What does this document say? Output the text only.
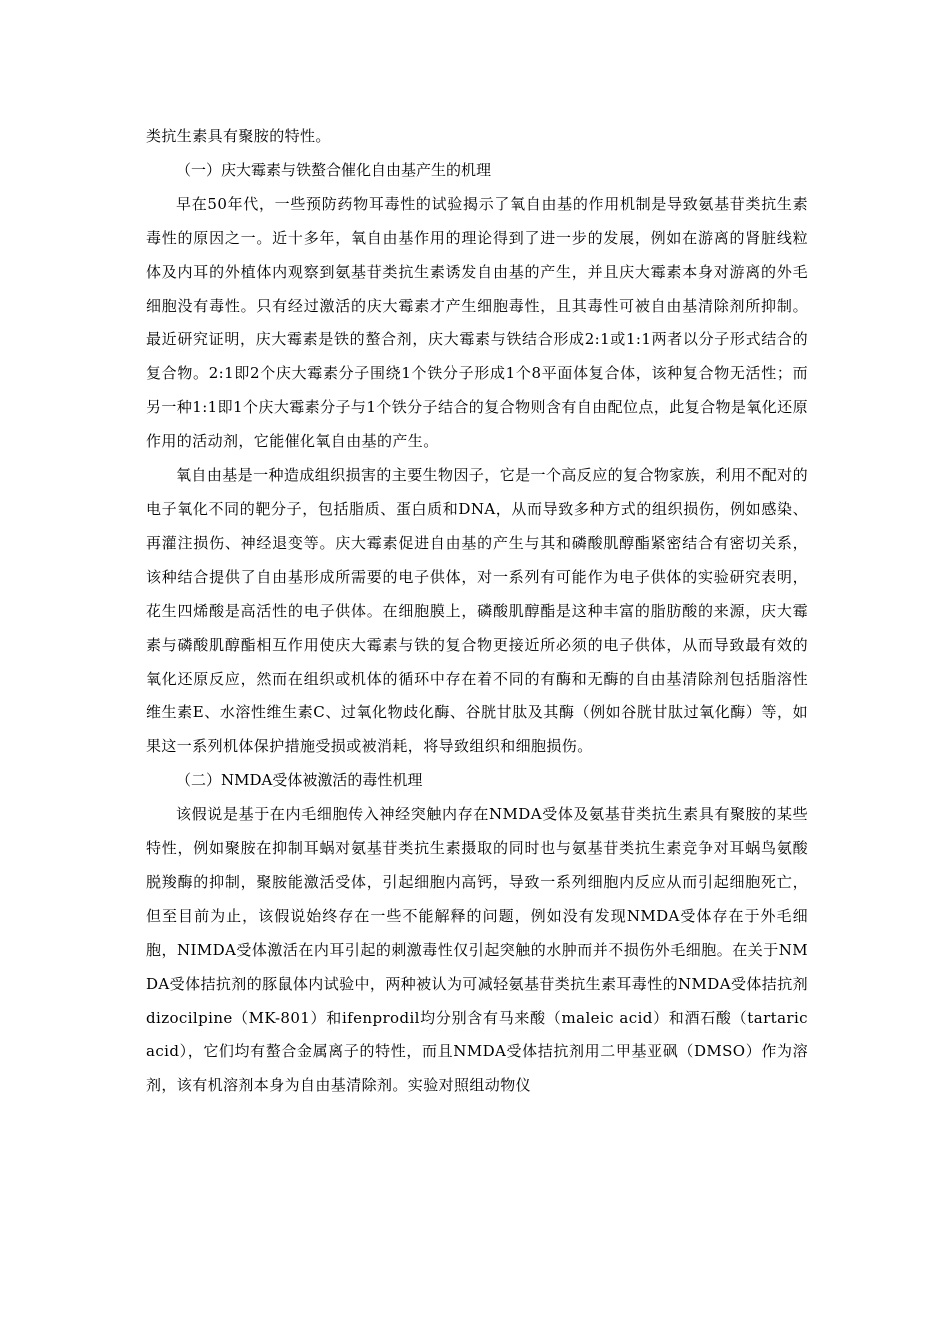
类抗生素具有聚胺的特性。

（一）庆大霉素与铁螯合催化自由基产生的机理

早在50年代，一些预防药物耳毒性的试验揭示了氧自由基的作用机制是导致氨基苷类抗生素毒性的原因之一。近十多年，氧自由基作用的理论得到了进一步的发展，例如在游离的肾脏线粒体及内耳的外植体内观察到氨基苷类抗生素诱发自由基的产生，并且庆大霉素本身对游离的外毛细胞没有毒性。只有经过激活的庆大霉素才产生细胞毒性，且其毒性可被自由基清除剂所抑制。最近研究证明，庆大霉素是铁的螯合剂，庆大霉素与铁结合形成2:1或1:1两者以分子形式结合的复合物。2:1即2个庆大霉素分子围绕1个铁分子形成1个8平面体复合体，该种复合物无活性；而另一种1:1即1个庆大霉素分子与1个铁分子结合的复合物则含有自由配位点，此复合物是氧化还原作用的活动剂，它能催化氧自由基的产生。

氧自由基是一种造成组织损害的主要生物因子，它是一个高反应的复合物家族，利用不配对的电子氧化不同的靶分子，包括脂质、蛋白质和DNA，从而导致多种方式的组织损伤，例如感染、再灌注损伤、神经退变等。庆大霉素促进自由基的产生与其和磷酸肌醇酯紧密结合有密切关系，该种结合提供了自由基形成所需要的电子供体，对一系列有可能作为电子供体的实验研究表明，花生四烯酸是高活性的电子供体。在细胞膜上，磷酸肌醇酯是这种丰富的脂肪酸的来源，庆大霉素与磷酸肌醇酯相互作用使庆大霉素与铁的复合物更接近所必须的电子供体，从而导致最有效的氧化还原反应，然而在组织或机体的循环中存在着不同的有酶和无酶的自由基清除剂包括脂溶性维生素E、水溶性维生素C、过氧化物歧化酶、谷胱甘肽及其酶（例如谷胱甘肽过氧化酶）等，如果这一系列机体保护措施受损或被消耗，将导致组织和细胞损伤。

（二）NMDA受体被激活的毒性机理

该假说是基于在内毛细胞传入神经突触内存在NMDA受体及氨基苷类抗生素具有聚胺的某些特性，例如聚胺在抑制耳蜗对氨基苷类抗生素摄取的同时也与氨基苷类抗生素竞争对耳蜗鸟氨酸脱羧酶的抑制，聚胺能激活受体，引起细胞内高钙，导致一系列细胞内反应从而引起细胞死亡，但至目前为止，该假说始终存在一些不能解释的问题，例如没有发现NMDA受体存在于外毛细胞，NIMDA受体激活在内耳引起的刺激毒性仅引起突触的水肿而并不损伤外毛细胞。在关于NMDA受体拮抗剂的豚鼠体内试验中，两种被认为可减轻氨基苷类抗生素耳毒性的NMDA受体拮抗剂dizocilpine（MK-801）和ifenprodil均分别含有马来酸（maleic acid）和酒石酸（tartaric acid），它们均有螯合金属离子的特性，而且NMDA受体拮抗剂用二甲基亚砜（DMSO）作为溶剂，该有机溶剂本身为自由基清除剂。实验对照组动物仪
